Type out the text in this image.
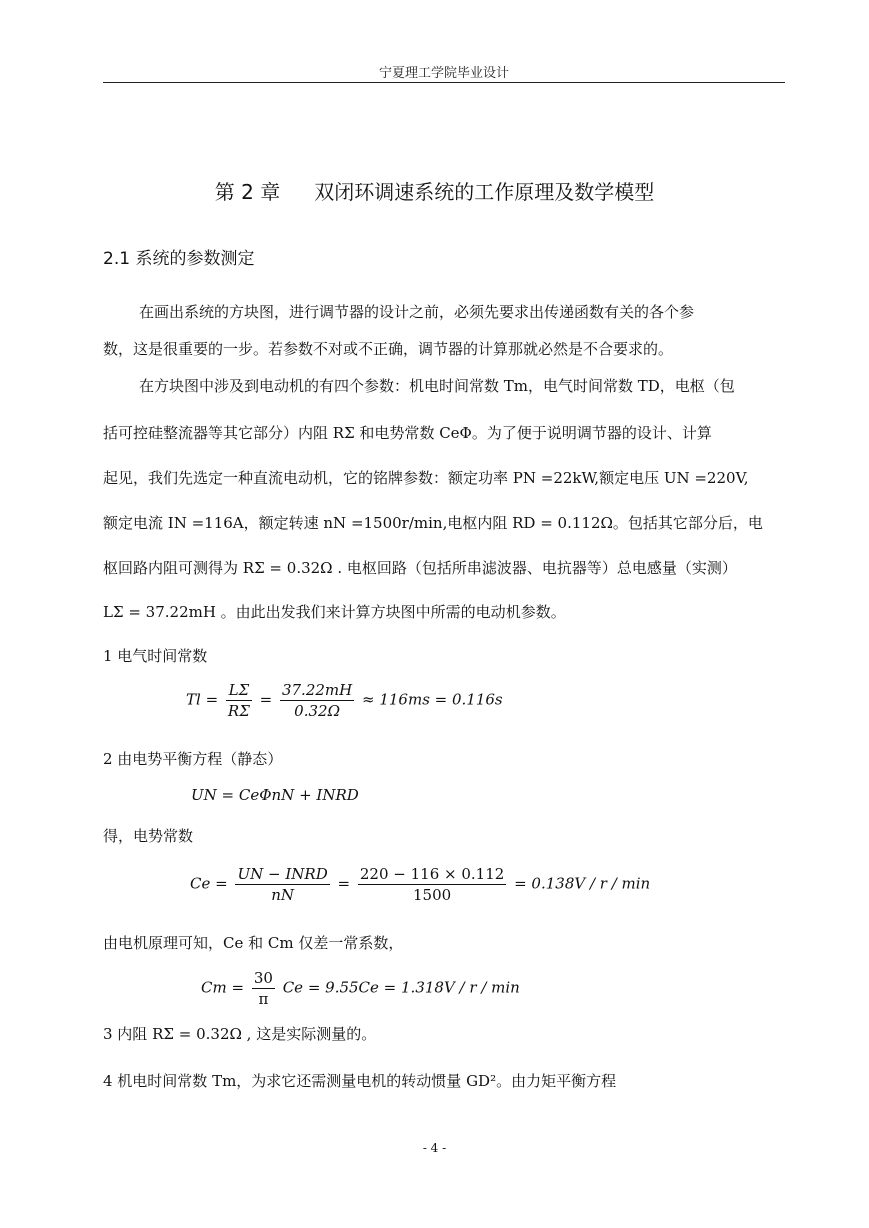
宁夏理工学院毕业设计
第 2 章 双闭环调速系统的工作原理及数学模型
2.1 系统的参数测定
在画出系统的方块图，进行调节器的设计之前，必须先要求出传递函数有关的各个参
数，这是很重要的一步。若参数不对或不正确，调节器的计算那就必然是不合要求的。
在方块图中涉及到电动机的有四个参数：机电时间常数 Tm，电气时间常数 TD，电枢（包
括可控硅整流器等其它部分）内阻 RΣ 和电势常数 CeΦ。为了便于说明调节器的设计、计算
起见，我们先选定一种直流电动机，它的铭牌参数：额定功率 PN =22kW,额定电压 UN =220V,
额定电流 IN =116A，额定转速 nN =1500r/min,电枢内阻 RD = 0.112Ω。包括其它部分后，电
枢回路内阻可测得为 RΣ = 0.32Ω . 电枢回路（包括所串滤波器、电抗器等）总电感量（实测）
LΣ = 37.22mH 。由此出发我们来计算方块图中所需的电动机参数。
1 电气时间常数
$Tl = \frac{L\Sigma}{R\Sigma} = \frac{37.22mH}{0.32\Omega} \approx 116ms = 0.116s$
2 由电势平衡方程（静态）
UN = CeΦnN + INRD
得，电势常数
$Ce = \frac{\text{UN − INRD}}{nN} = \frac{220 - 116 \times 0.112}{1500} = 0.138V / r / \min$
由电机原理可知，Ce 和 Cm 仅差一常系数，
$Cm = \frac{30}{\pi}$ Ce = 9.55Ce = 1.318V / r / min
3 内阻 RΣ = 0.32Ω , 这是实际测量的。
4 机电时间常数 Tm，为求它还需测量电机的转动惯量 GD²。由力矩平衡方程
- 4 -
